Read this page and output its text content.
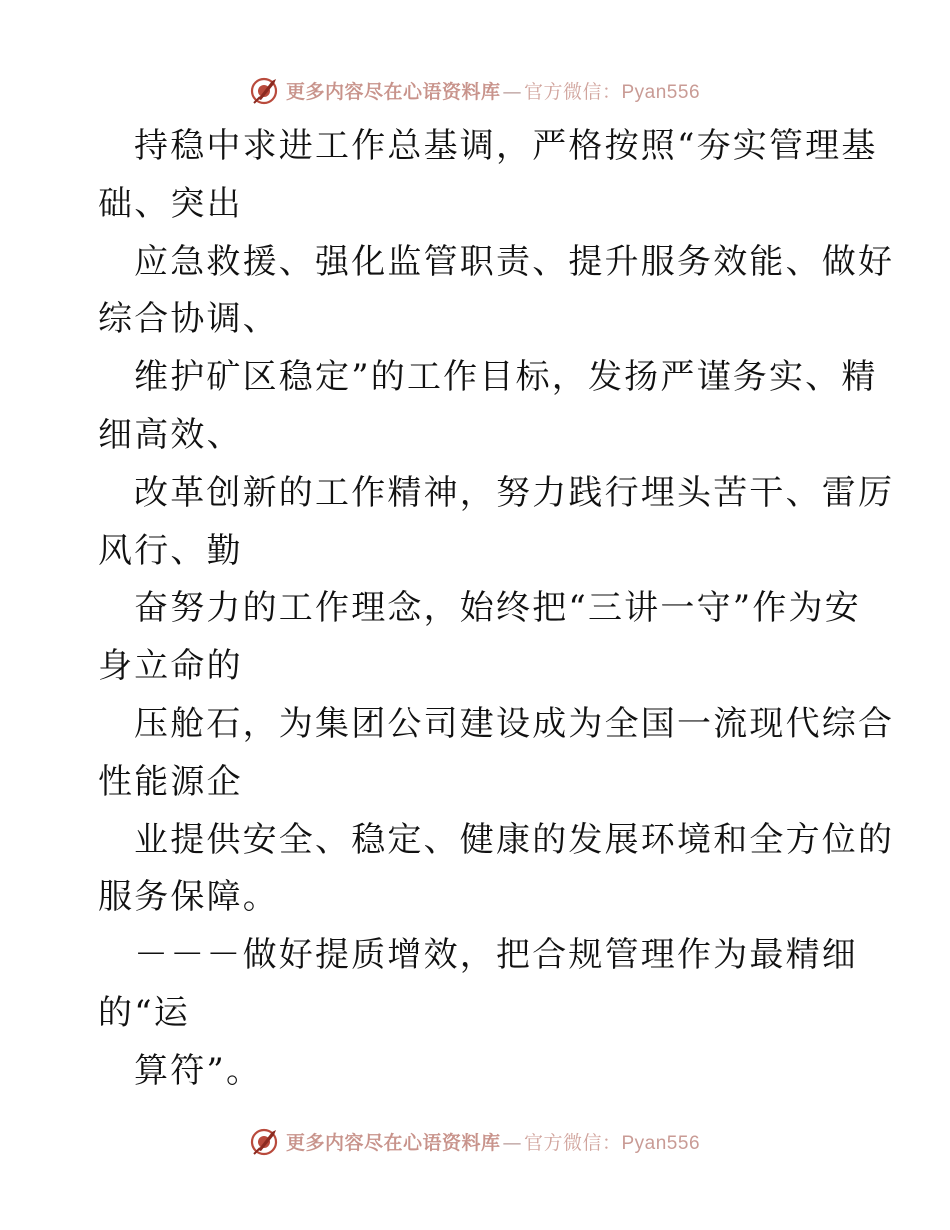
更多内容尽在心语资料库 — 官方微信：Pyan556
持稳中求进工作总基调，严格按照“夯实管理基
础、突出
应急救援、强化监管职责、提升服务效能、做好
综合协调、
维护矿区稳定”的工作目标，发扬严谨务实、精
细高效、
改革创新的工作精神，努力践行埋头苦干、雷厉
风行、勤
奋努力的工作理念，始终把“三讲一守”作为安
身立命的
压舱石，为集团公司建设成为全国一流现代综合
性能源企
业提供安全、稳定、健康的发展环境和全方位的
服务保障。
－－－做好提质增效，把合规管理作为最精细
的“运
算符”。
更多内容尽在心语资料库 — 官方微信：Pyan556
